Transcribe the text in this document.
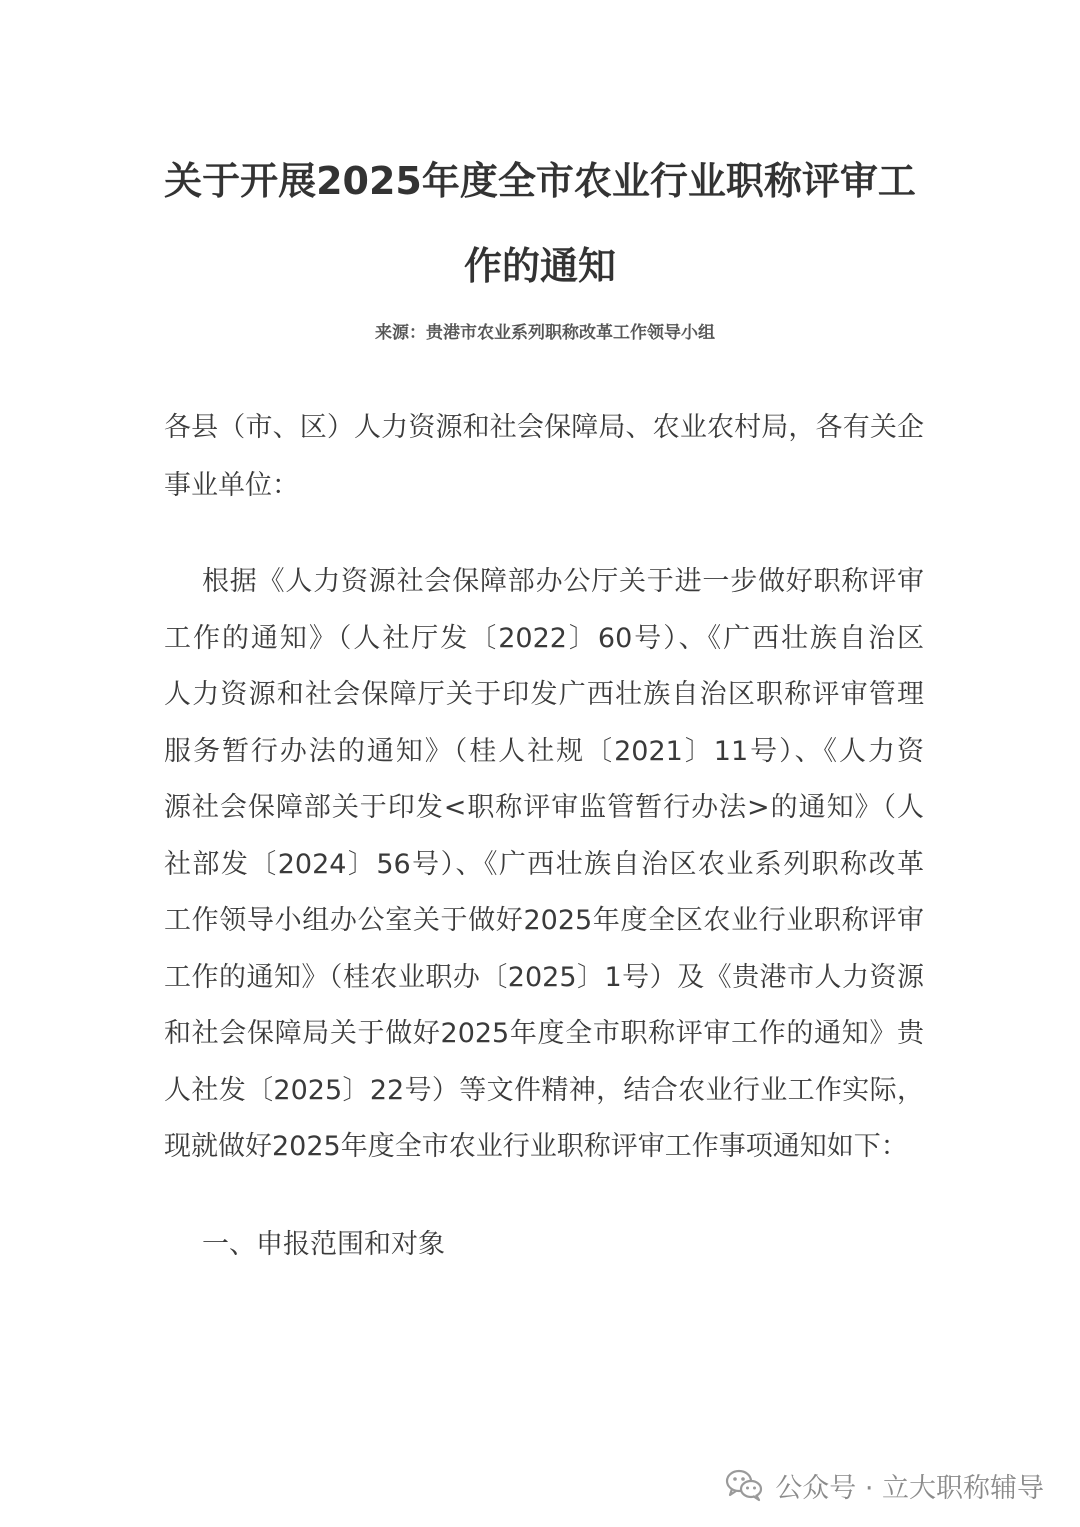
关于开展2025年度全市农业行业职称评审工
作的通知
来源：贵港市农业系列职称改革工作领导小组
各县（市、区）人力资源和社会保障局、农业农村局，各有关企
事业单位：
根据《人力资源社会保障部办公厅关于进一步做好职称评审
工作的通知》（人社厅发〔2022〕60号）、《广西壮族自治区
人力资源和社会保障厅关于印发广西壮族自治区职称评审管理
服务暂行办法的通知》（桂人社规〔2021〕11号）、《人力资
源社会保障部关于印发<职称评审监管暂行办法>的通知》（人
社部发〔2024〕56号）、《广西壮族自治区农业系列职称改革
工作领导小组办公室关于做好2025年度全区农业行业职称评审
工作的通知》（桂农业职办〔2025〕1号）及《贵港市人力资源
和社会保障局关于做好2025年度全市职称评审工作的通知》贵
人社发〔2025〕22号）等文件精神，结合农业行业工作实际，
现就做好2025年度全市农业行业职称评审工作事项通知如下：
一、申报范围和对象
公众号 · 立大职称辅导
